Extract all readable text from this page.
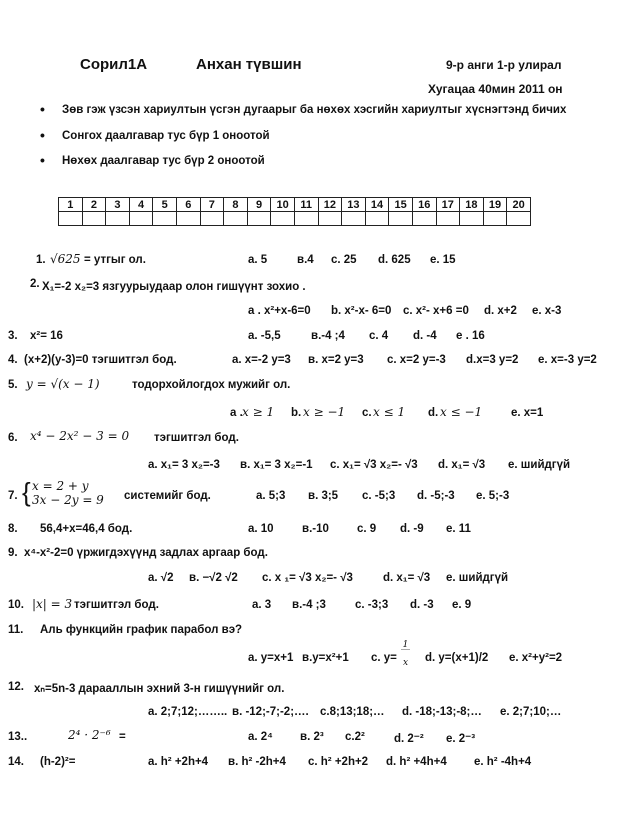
Сорил1А	Анхан түвшин	9-р анги 1-р улирал
Хугацаа 40мин 2011 он
• Зөв гэж үзсэн хариултын үсгэн дугаарыг ба нөхөх хэсгийн хариултыг хүснэгтэнд бичих
• Сонгох даалгавар тус бүр 1 оноотой
• Нөхөх даалгавар тус бүр 2 оноотой
1	2	3	4	5	6	7	8	9	10	11	12	13	14	15	16	17	18	19	20

1. √625 = утгыг ол.	a. 5	в.4 c. 25 d. 625 e. 15
2. X₁=-2 x₂=3 язгуурыудаар олон гишүүнт зохио .
a . x²+x-6=0 b. x²-x- 6=0 c. x²- x+6 =0 d. x+2 e. x-3
3. x²= 16	a. -5,5	в.-4 ;4 c. 4 d. -4 e . 16
4. (x+2)(y-3)=0 тэгшитгэл бод.	a. x=-2 y=3 в. x=2 y=3 c. x=2 y=-3 d.x=3 y=2 e. x=-3 y=2
5. y = √(x − 1)	тодорхойлогдох мужийг ол.
a . x ≥ 1 b. x ≥ −1 c. x ≤ 1 d. x ≤ −1	e. x=1
6. x⁴ − 2x² − 3 = 0 тэгшитгэл бод.
a. x₁= 3 x₂=-3 в. x₁= 3 x₂=-1 c. x₁= √3 x₂=- √3 d. x₁= √3 e. шийдгүй
7. { x = 2 + y
3x − 2y = 9 системийг бод.	a. 5;3 в. 3;5 c. -5;3 d. -5;-3 e. 5;-3
8. 56,4+x=46,4 бод.	a. 10 в.-10 c. 9 d. -9 e. 11
9. x⁴-x²-2=0 үржигдэхүүнд задлах аргаар бод.
a. √2 в. −√2 √2 c. x ₁= √3 x₂=- √3	d. x₁= √3 e. шийдгүй
10. |x| = 3 тэгшитгэл бод.	a. 3 в.-4 ;3	c. -3;3 d. -3 e. 9
11. Аль функцийн график парабол вэ?
a. y=x+1 в.y=x²+1 c. y=
1
‾‾
x d. y=(x+1)/2 e. x²+y²=2
12. xₙ=5n-3 дарааллын эхний 3-н гишүүнийг ол.
a. 2;7;12;…….. в. -12;-7;-2;…. c.8;13;18;… d. -18;-13;-8;… e. 2;7;10;…
13..	2⁴ · 2⁻⁶ =	a. 2⁴ в. 2³ c.2²	d. 2⁻² e. 2⁻³
14. (h-2)²=	a. h² +2h+4 в. h² -2h+4 c. h² +2h+2 d. h² +4h+4 e. h² -4h+4
